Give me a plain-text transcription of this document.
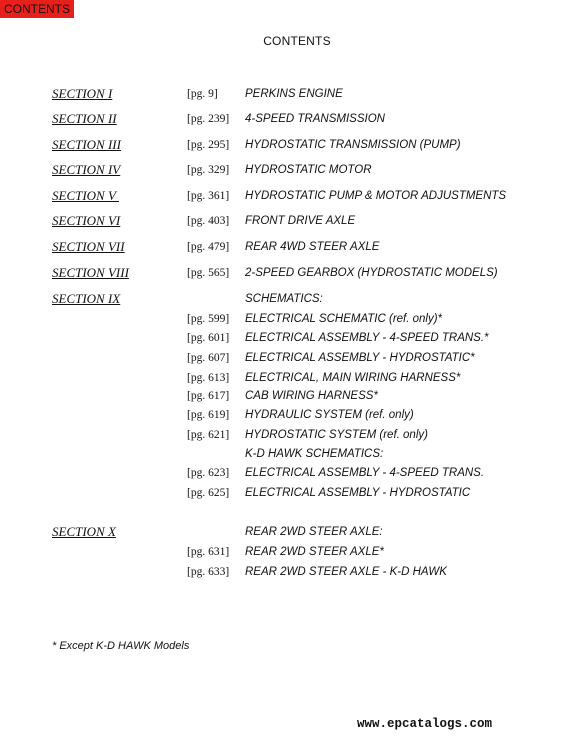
CONTENTS
CONTENTS
SECTION I	[pg. 9] PERKINS ENGINE
SECTION II	[pg. 239] 4-SPEED TRANSMISSION
SECTION III	[pg. 295] HYDROSTATIC TRANSMISSION (PUMP)
SECTION IV	[pg. 329] HYDROSTATIC MOTOR
SECTION V	[pg. 361] HYDROSTATIC PUMP & MOTOR ADJUSTMENTS
SECTION VI	[pg. 403] FRONT DRIVE AXLE
SECTION VII	[pg. 479] REAR 4WD STEER AXLE
SECTION VIII	[pg. 565] 2-SPEED GEARBOX (HYDROSTATIC MODELS)
SECTION IX	SCHEMATICS:
[pg. 599] ELECTRICAL SCHEMATIC (ref. only)*
[pg. 601] ELECTRICAL ASSEMBLY - 4-SPEED TRANS.*
[pg. 607] ELECTRICAL ASSEMBLY - HYDROSTATIC*
[pg. 613] ELECTRICAL, MAIN WIRING HARNESS*
[pg. 617] CAB WIRING HARNESS*
[pg. 619] HYDRAULIC SYSTEM (ref. only)
[pg. 621] HYDROSTATIC SYSTEM (ref. only)
K-D HAWK SCHEMATICS:
[pg. 623] ELECTRICAL ASSEMBLY - 4-SPEED TRANS.
[pg. 625] ELECTRICAL ASSEMBLY - HYDROSTATIC
SECTION X	REAR 2WD STEER AXLE:
[pg. 631] REAR 2WD STEER AXLE*
[pg. 633] REAR 2WD STEER AXLE - K-D HAWK
* Except K-D HAWK Models
www.epcatalogs.com
